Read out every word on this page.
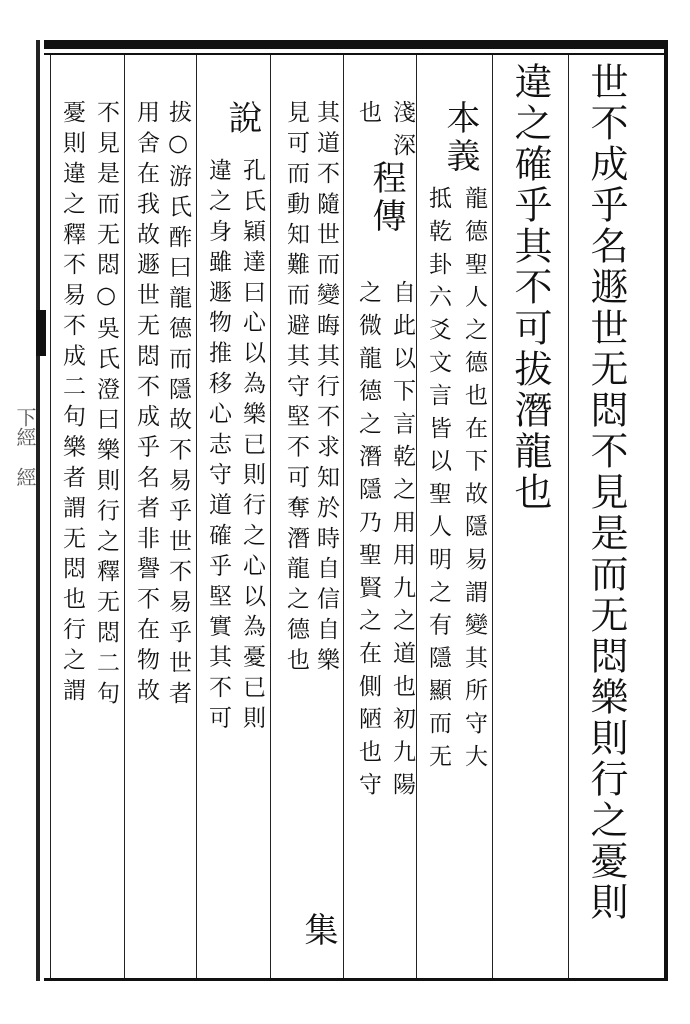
下經　經	世不成乎名遯世无悶不見是而无悶樂則行之憂則
違之確乎其不可拔潛龍也
本義
龍德聖人之德也在下故隱易謂變其所守大
抵乾卦六爻文言皆以聖人明之有隱顯而无
淺深
也
程傳
自此以下言乾之用用九之道也初九陽
之微龍德之潛隱乃聖賢之在側陋也守
其道不隨世而變晦其行不求知於時自信自樂
見可而動知難而避其守堅不可奪潛龍之德也
集
說
孔氏穎達曰心以為樂已則行之心以為憂已則
違之身雖遯物推移心志守道確乎堅實其不可
拔○游氏酢曰龍德而隱故不易乎世不易乎世者
用舍在我故遯世无悶不成乎名者非譽不在物故
不見是而无悶○吳氏澄曰樂則行之釋无悶二句
憂則違之釋不易不成二句樂者謂无悶也行之謂
